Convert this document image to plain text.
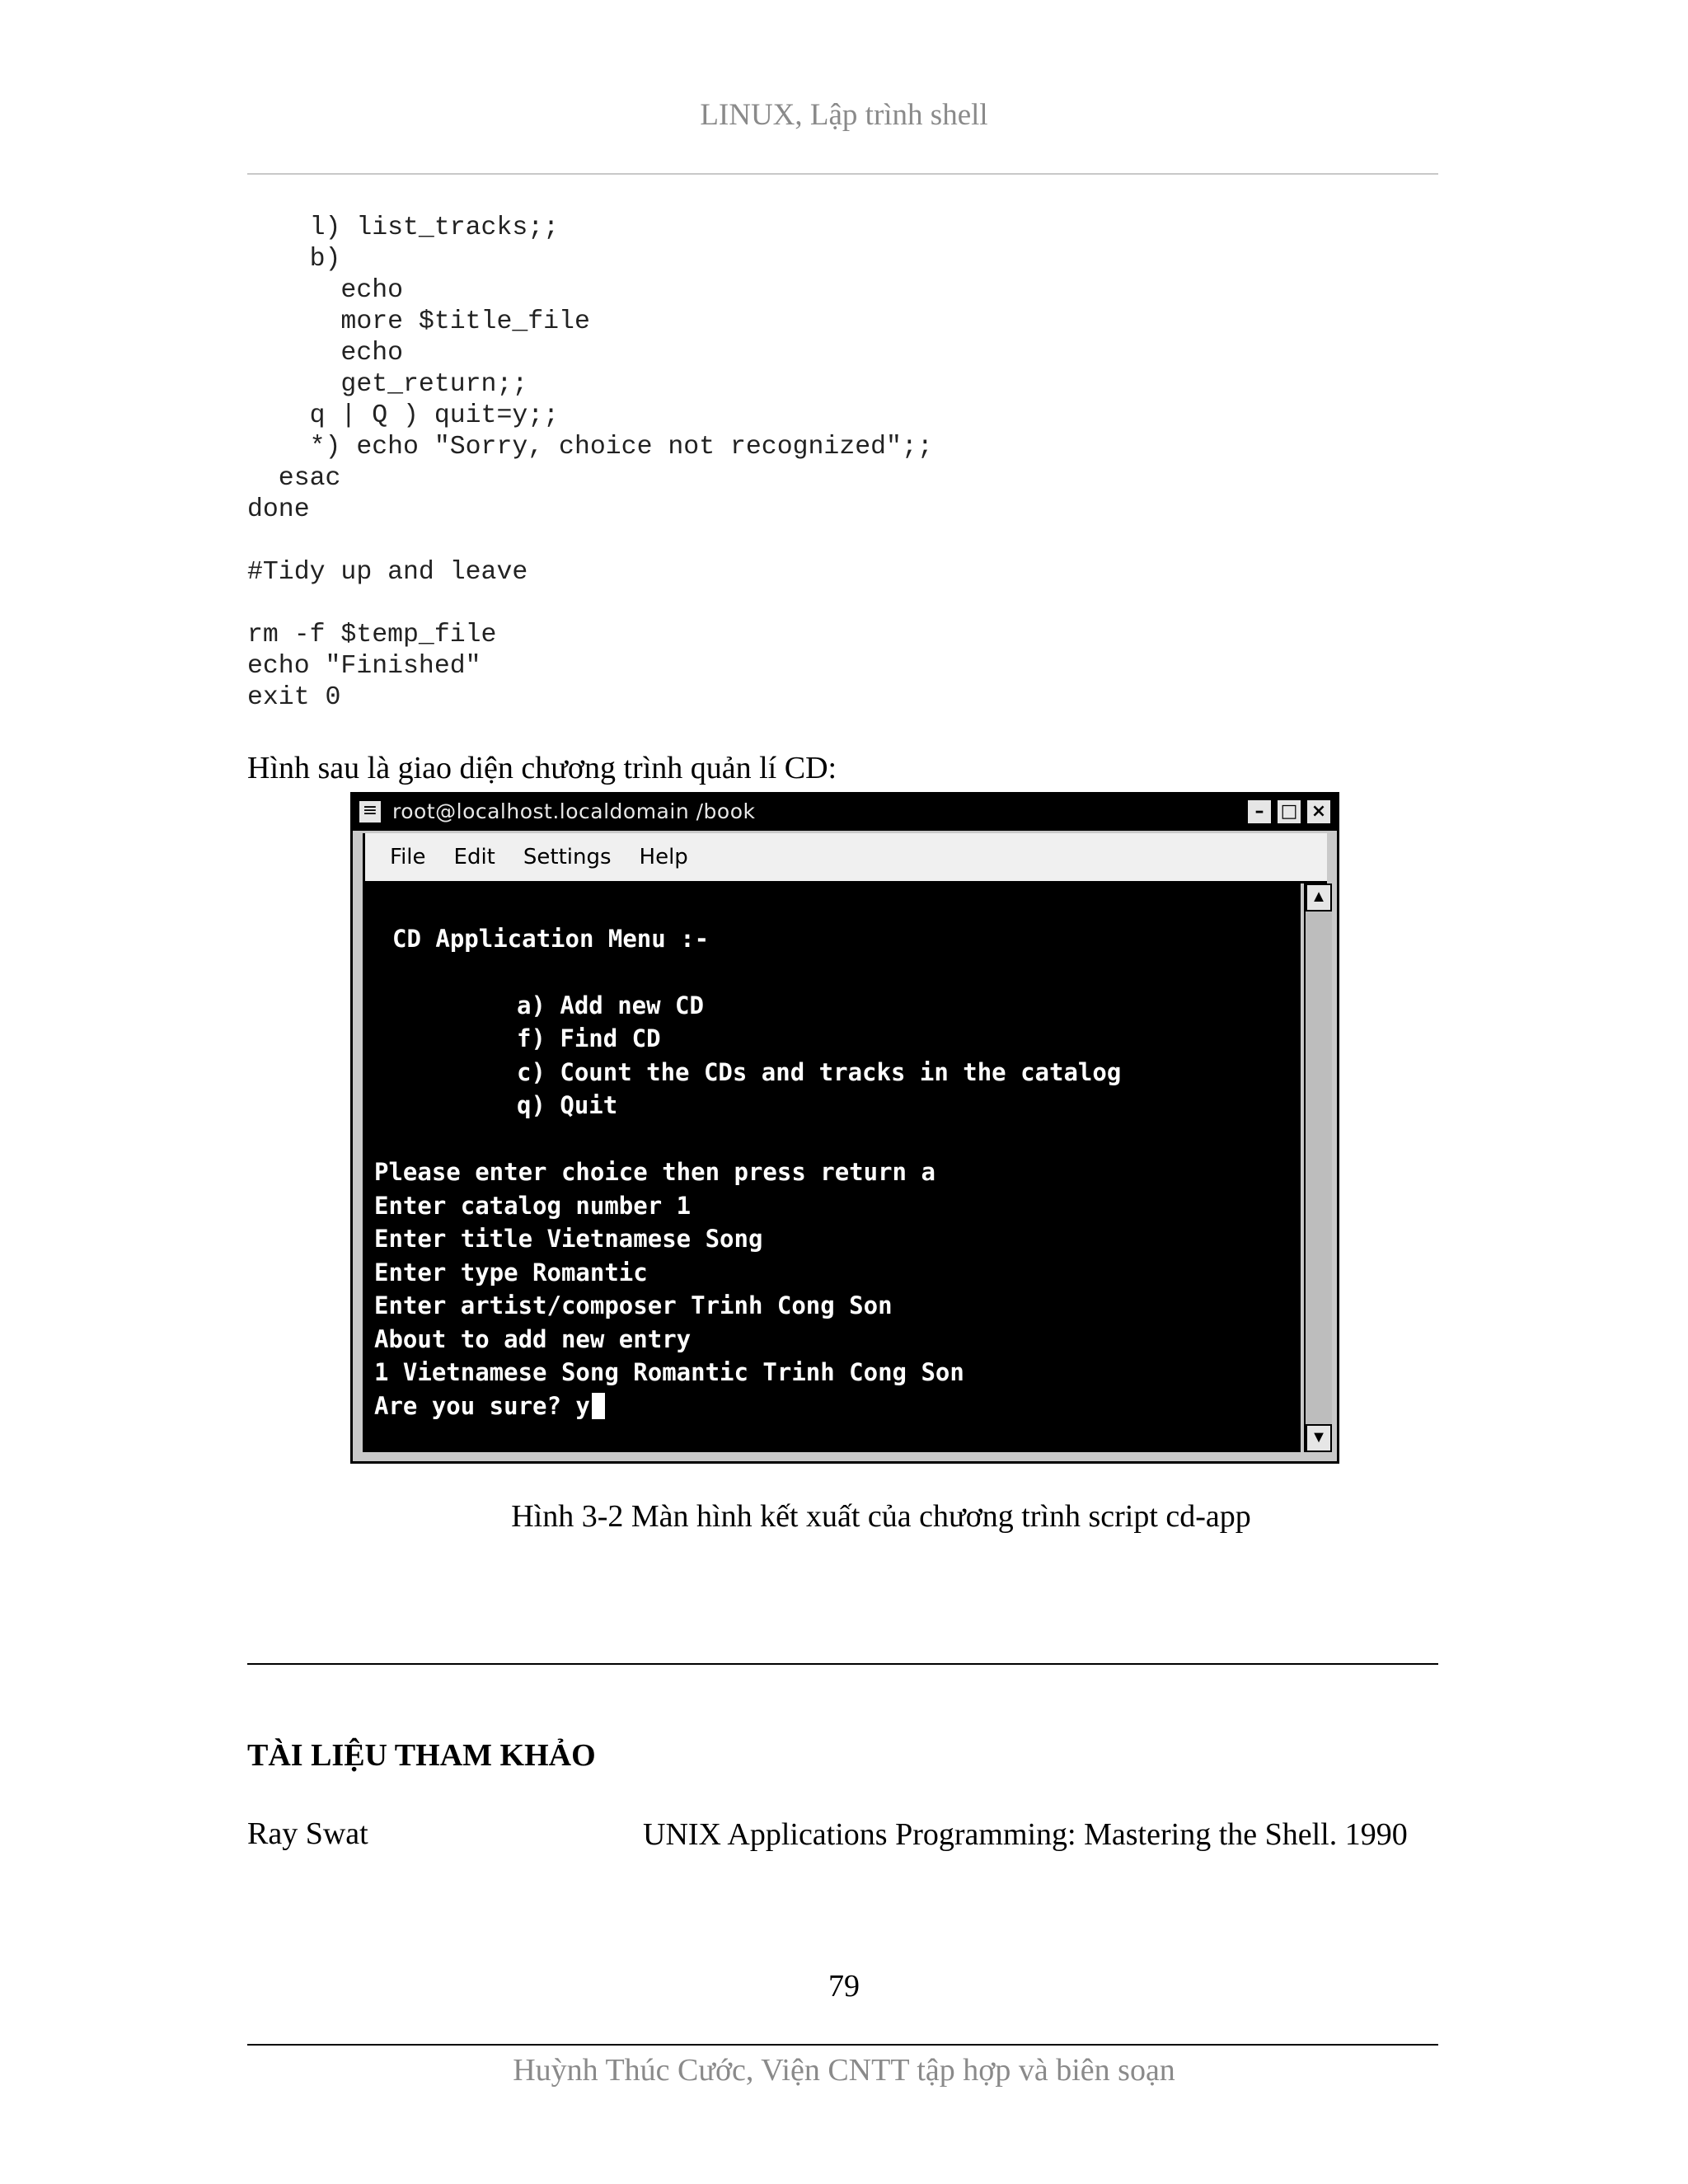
LINUX, Lập trình shell
l) list_tracks;;
b)
echo
more $title_file
echo
get_return;;
q | Q ) quit=y;;
*) echo "Sorry, choice not recognized";;
esac
done

#Tidy up and leave

rm -f $temp_file
echo "Finished"
exit 0
Hình sau là giao diện chương trình quản lí CD:
≡ root@localhost.localdomain /book	– □ ×
File Edit Settings Help
CD Application Menu :-
a) Add new CD
f) Find CD
c) Count the CDs and tracks in the catalog
q) Quit
Please enter choice then press return a
Enter catalog number 1
Enter title Vietnamese Song
Enter type Romantic
Enter artist/composer Trinh Cong Son
About to add new entry
1 Vietnamese Song Romantic Trinh Cong Son
Are you sure? y
▲
▼
Hình 3-2 Màn hình kết xuất của chương trình script cd-app
TÀI LIỆU THAM KHẢO
Ray Swat	UNIX Applications Programming: Mastering the Shell. 1990
79
Huỳnh Thúc Cước, Viện CNTT tập hợp và biên soạn
